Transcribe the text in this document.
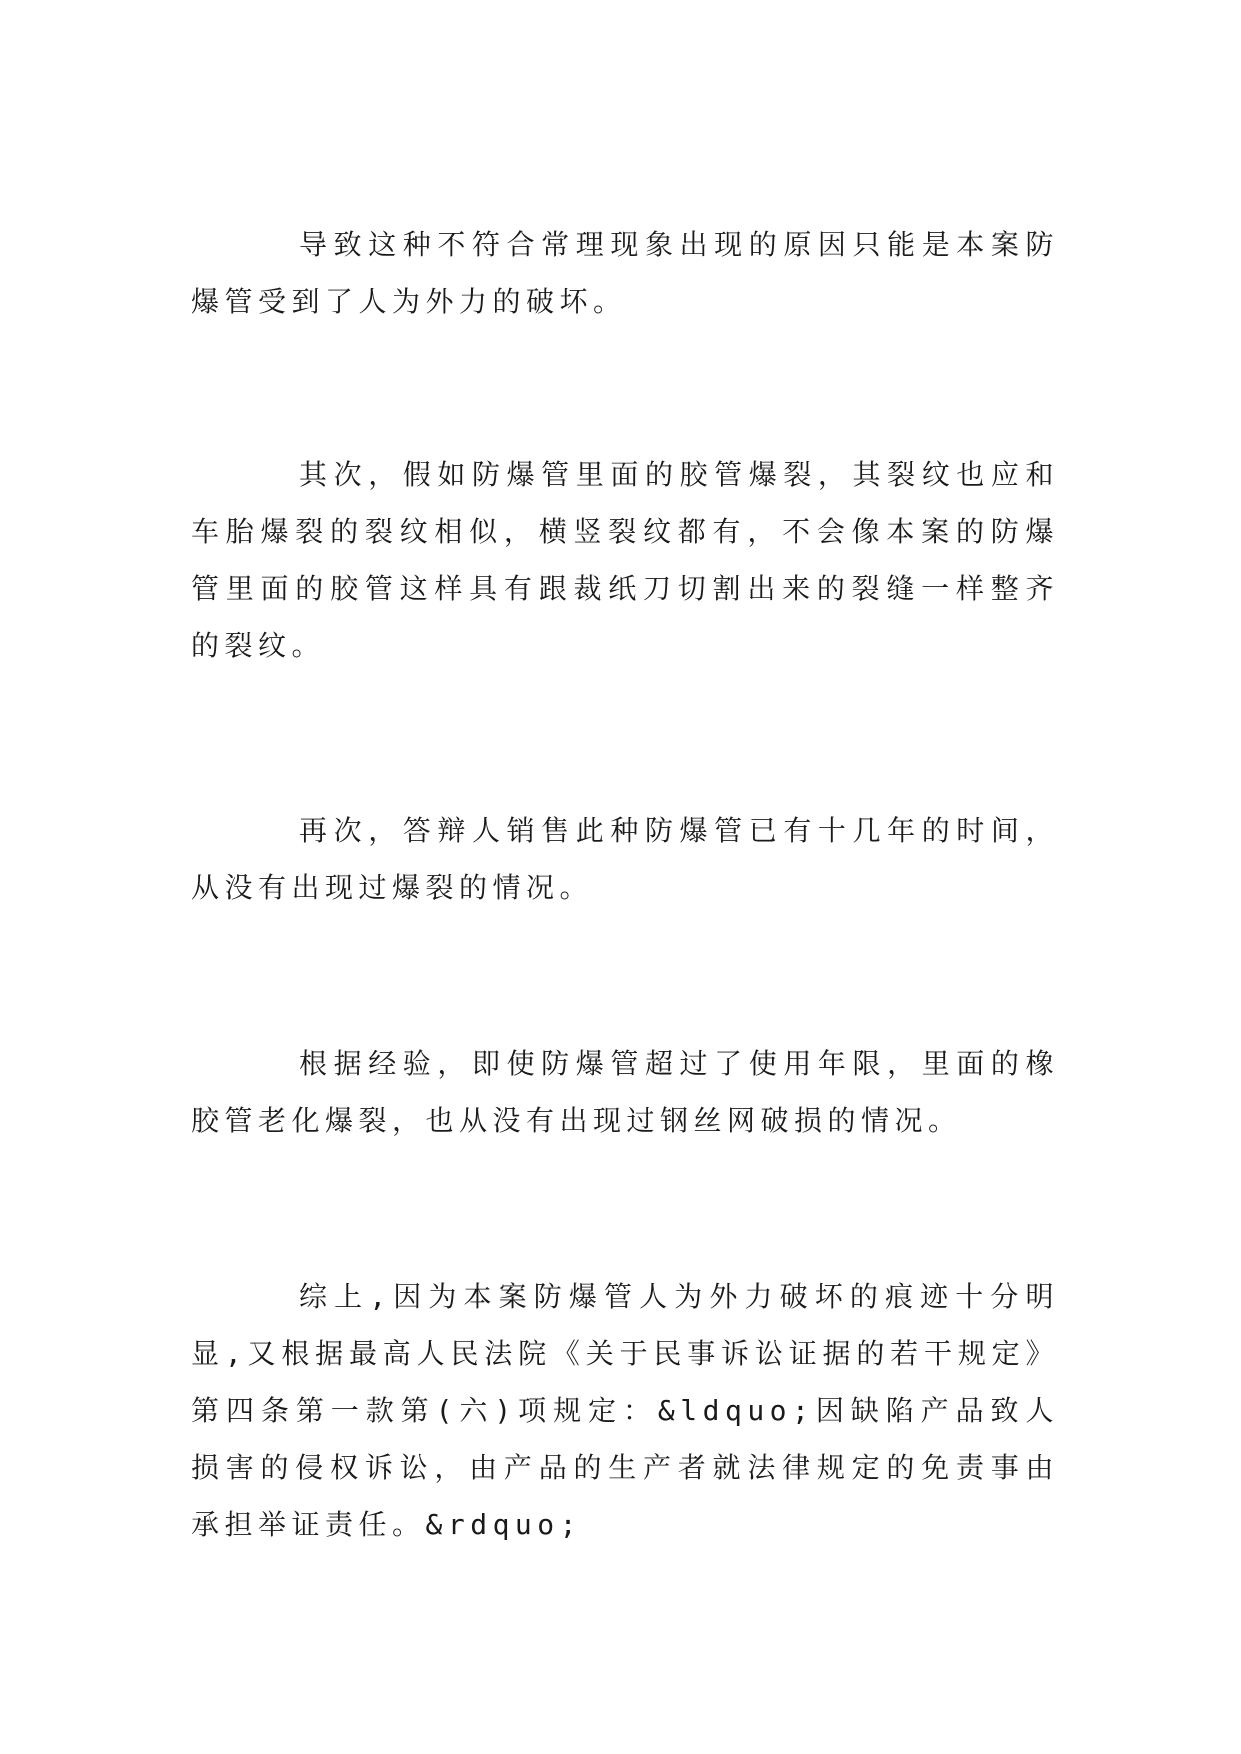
导致这种不符合常理现象出现的原因只能是本案防爆管受到了人为外力的破坏。

其次，假如防爆管里面的胶管爆裂，其裂纹也应和车胎爆裂的裂纹相似，横竖裂纹都有，不会像本案的防爆管里面的胶管这样具有跟裁纸刀切割出来的裂缝一样整齐的裂纹。

再次，答辩人销售此种防爆管已有十几年的时间，从没有出现过爆裂的情况。

根据经验，即使防爆管超过了使用年限，里面的橡胶管老化爆裂，也从没有出现过钢丝网破损的情况。

综上,因为本案防爆管人为外力破坏的痕迹十分明显,又根据最高人民法院《关于民事诉讼证据的若干规定》第四条第一款第(六)项规定：&ldquo;因缺陷产品致人损害的侵权诉讼，由产品的生产者就法律规定的免责事由承担举证责任。&rdquo;
